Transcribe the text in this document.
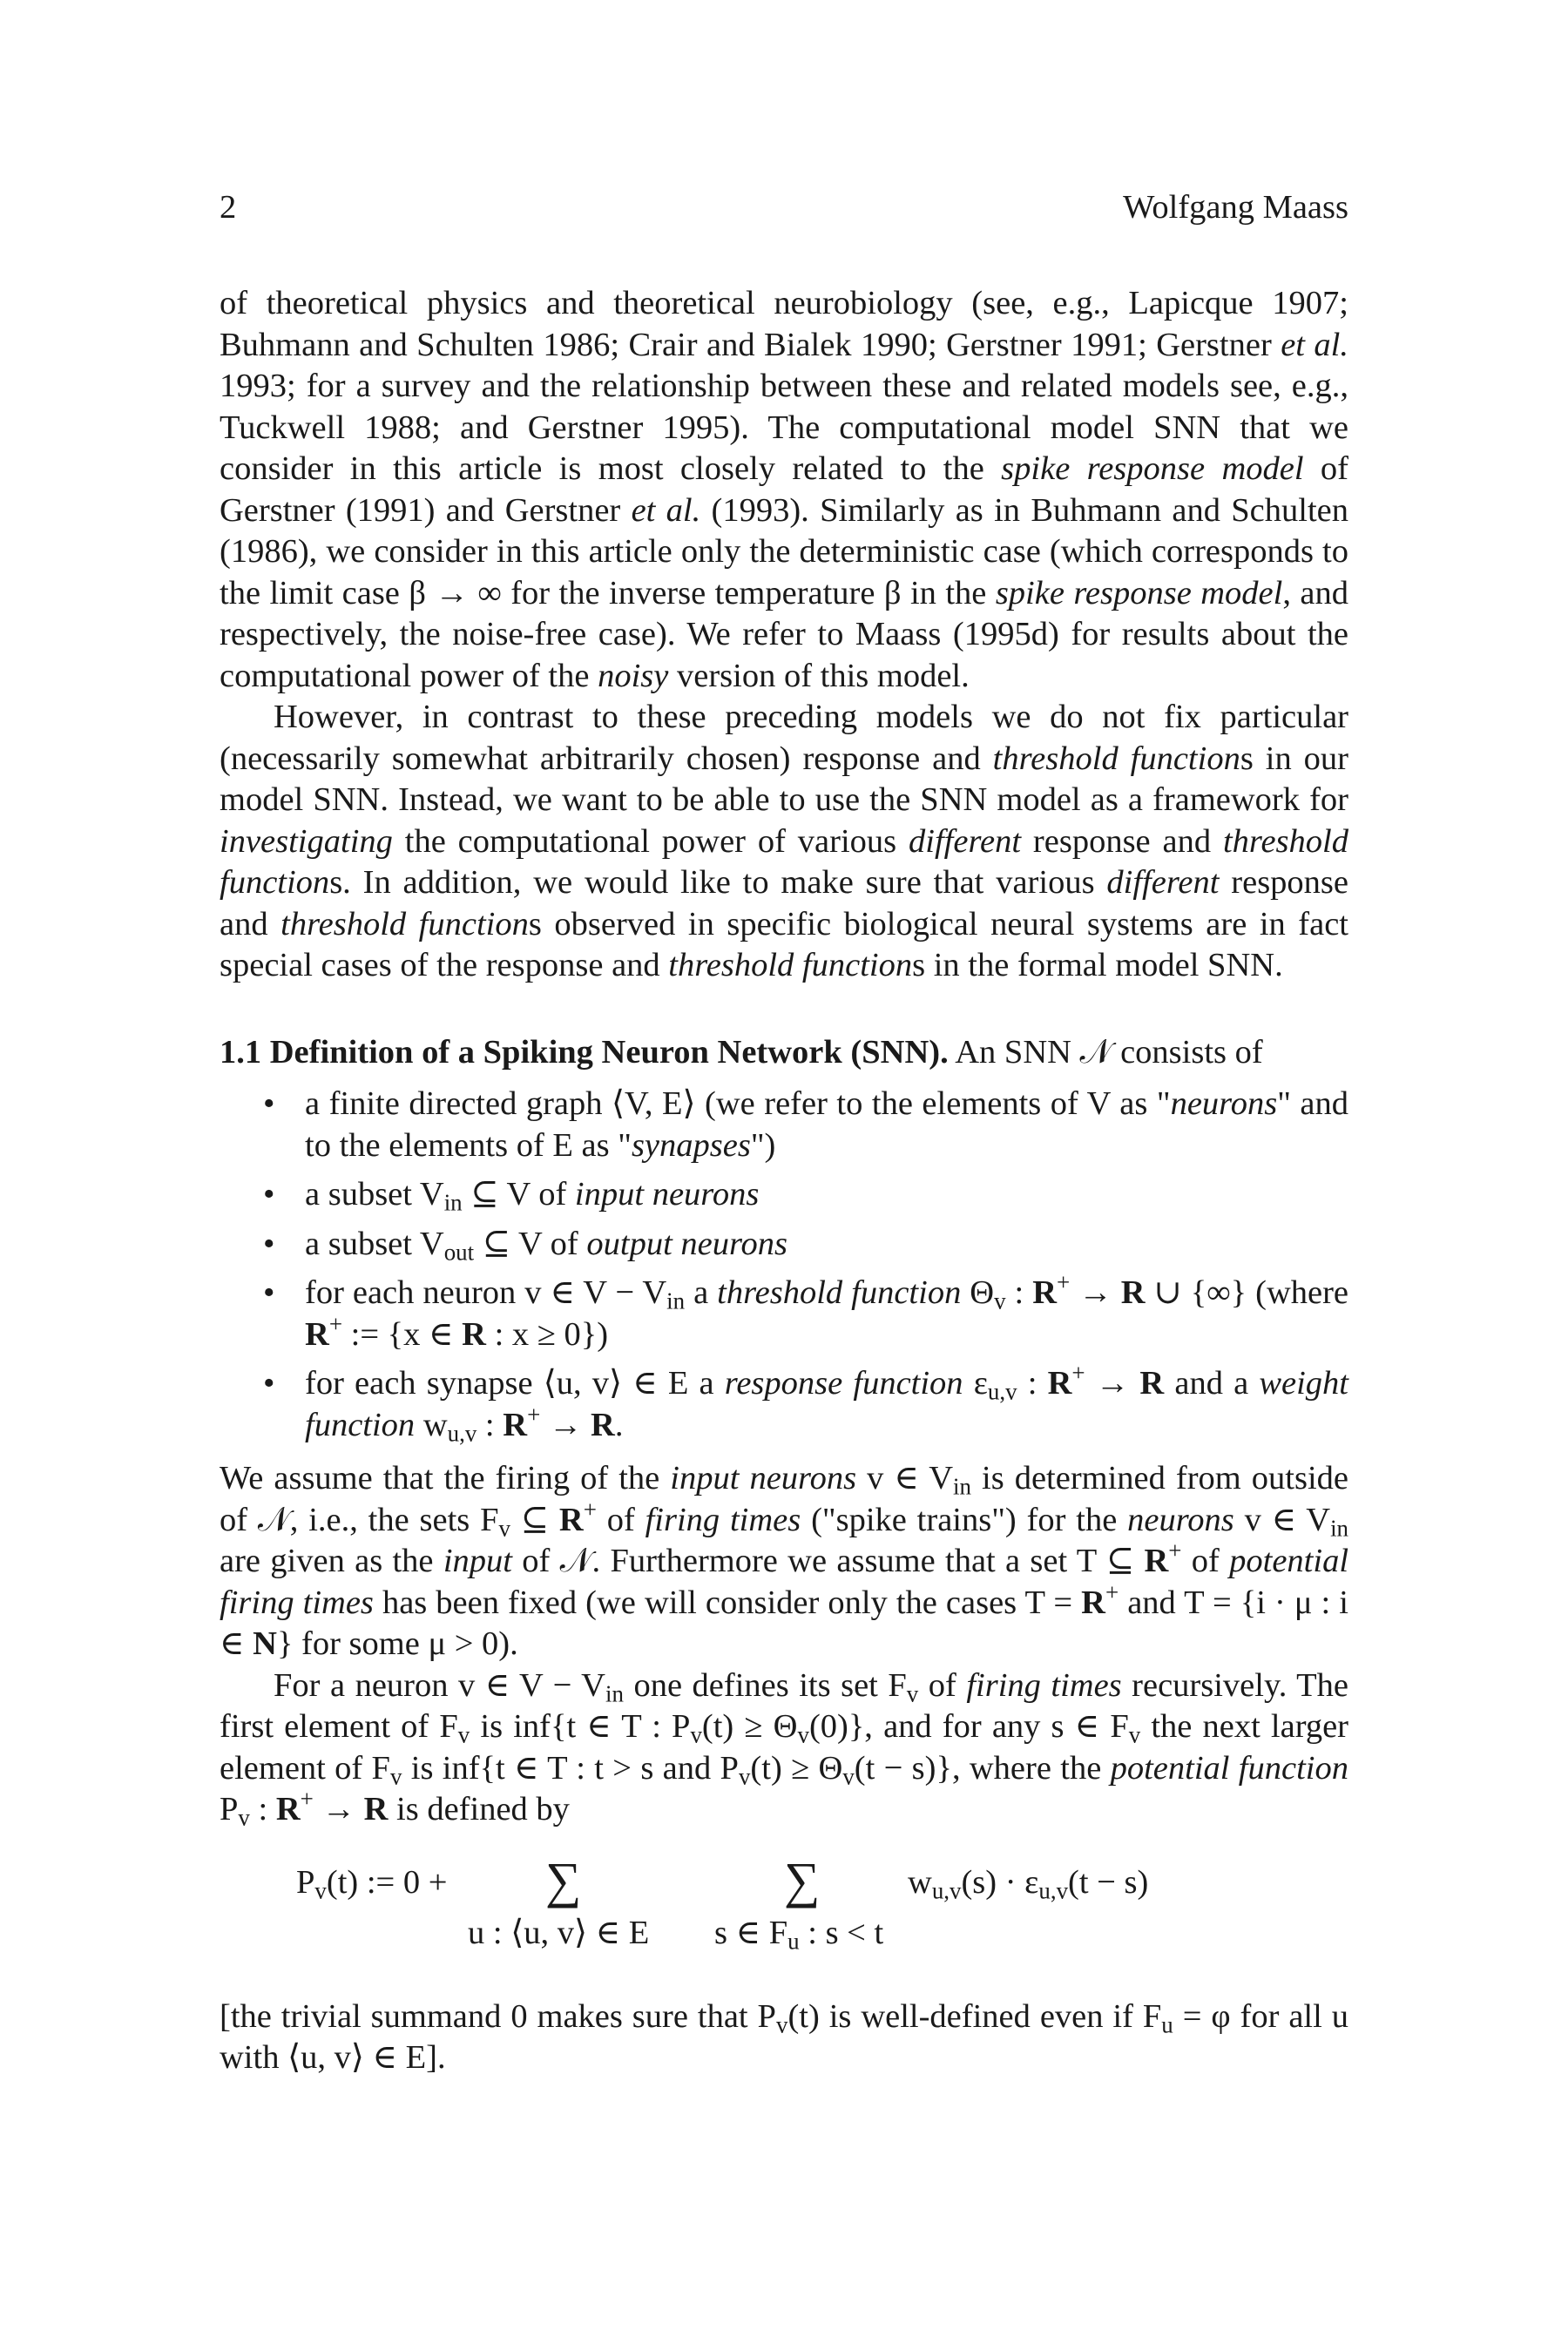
2	Wolfgang Maass

of theoretical physics and theoretical neurobiology (see, e.g., Lapicque 1907; Buhmann and Schulten 1986; Crair and Bialek 1990; Gerstner 1991; Gerstner et al. 1993; for a survey and the relationship between these and related models see, e.g., Tuckwell 1988; and Gerstner 1995). The computational model SNN that we consider in this article is most closely related to the spike response model of Gerstner (1991) and Gerstner et al. (1993). Similarly as in Buhmann and Schulten (1986), we consider in this article only the deterministic case (which corresponds to the limit case β → ∞ for the inverse temperature β in the spike response model, and respectively, the noise-free case). We refer to Maass (1995d) for results about the computational power of the noisy version of this model.

However, in contrast to these preceding models we do not fix particular (necessarily somewhat arbitrarily chosen) response and threshold functions in our model SNN. Instead, we want to be able to use the SNN model as a framework for investigating the computational power of various different response and threshold functions. In addition, we would like to make sure that various different response and threshold functions observed in specific biological neural systems are in fact special cases of the response and threshold functions in the formal model SNN.

1.1 Definition of a Spiking Neuron Network (SNN). An SNN 𝒩 consists of

• a finite directed graph ⟨V, E⟩ (we refer to the elements of V as "neurons" and to the elements of E as "synapses")
• a subset $V_{in}$ ⊆ V of input neurons
• a subset $V_{out}$ ⊆ V of output neurons
• for each neuron v ∈ $V - V_{in}$ a threshold function $\Theta_v$ : R+ → R ∪ {∞} (where R+ := {x ∈ R : x ≥ 0})
• for each synapse ⟨u, v⟩ ∈ E a response function $\varepsilon_{u,v}$ : R+ → R and a weight function $w_{u,v}$ : R+ → R.

We assume that the firing of the input neurons v ∈ $V_{in}$ is determined from outside of 𝒩, i.e., the sets $F_v$ ⊆ R+ of firing times ("spike trains") for the neurons v ∈ $V_{in}$ are given as the input of 𝒩. Furthermore we assume that a set T ⊆ R+ of potential firing times has been fixed (we will consider only the cases T = R+ and T = {i · μ : i ∈ N} for some μ > 0).

For a neuron v ∈ $V - V_{in}$ one defines its set $F_v$ of firing times recursively. The first element of $F_v$ is inf{t ∈ T : $P_v(t) \ge \Theta_v(0)$}, and for any s ∈ $F_v$ the next larger element of $F_v$ is inf{t ∈ T : t > s and $P_v(t) \ge \Theta_v(t - s)$}, where the potential function $P_v$ : R+ → R is defined by

$P_v(t)$ := 0 + ∑
u : ⟨u, v⟩ ∈ E
∑
s ∈ $F_u$ : s < t
$w_{u,v}(s) \cdot \varepsilon_{u,v}(t - s)$

[the trivial summand 0 makes sure that $P_v(t)$ is well-defined even if $F_u = \varphi$ for all u with ⟨u, v⟩ ∈ E].
